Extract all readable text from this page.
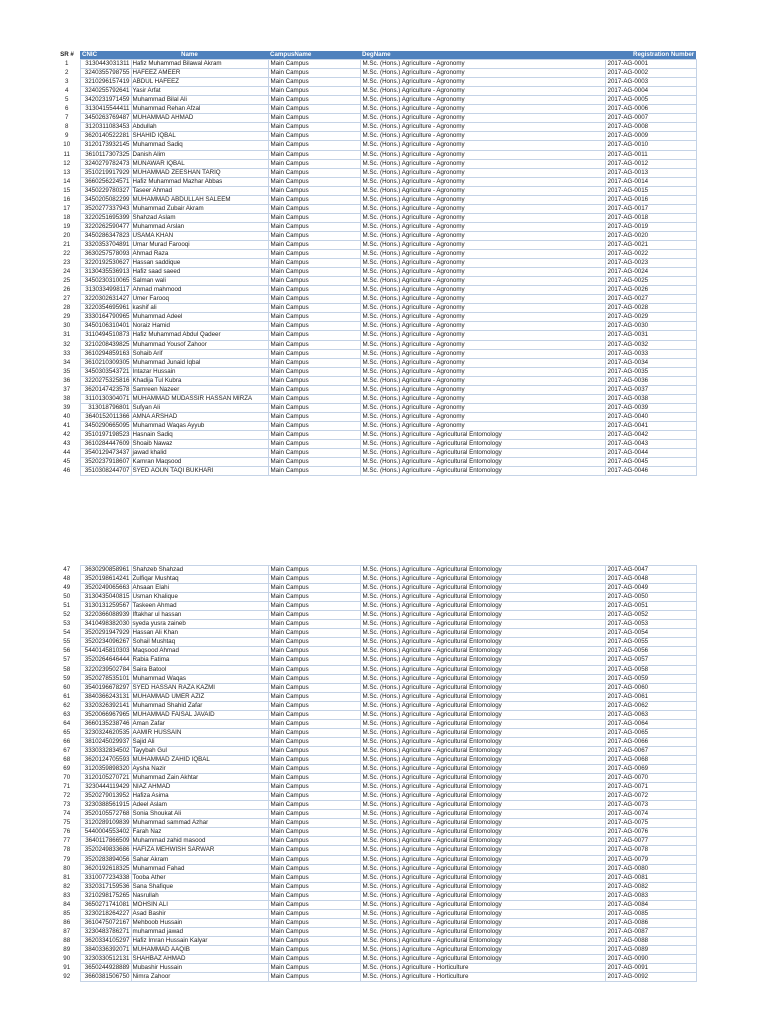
SR #	CNIC	Name	CampusName	DegName	Registration Number
1	3130443031311	Hafiz Muhammad Bilawal Akram	Main Campus	M.Sc. (Hons.) Agriculture - Agronomy	2017-AG-0001
2	3240355798755	HAFEEZ AMEER	Main Campus	M.Sc. (Hons.) Agriculture - Agronomy	2017-AG-0002
3	3210296157419	ABDUL HAFEEZ	Main Campus	M.Sc. (Hons.) Agriculture - Agronomy	2017-AG-0003
4	3240255792641	Yasir Arfat	Main Campus	M.Sc. (Hons.) Agriculture - Agronomy	2017-AG-0004
5	3420231971459	Muhammad Bilal Ali	Main Campus	M.Sc. (Hons.) Agriculture - Agronomy	2017-AG-0005
6	3130415544411	Muhammad Rehan Afzal	Main Campus	M.Sc. (Hons.) Agriculture - Agronomy	2017-AG-0006
7	3450263769487	MUHAMMAD AHMAD	Main Campus	M.Sc. (Hons.) Agriculture - Agronomy	2017-AG-0007
8	3120311083453	Abdullah	Main Campus	M.Sc. (Hons.) Agriculture - Agronomy	2017-AG-0008
9	3620140522281	SHAHID IQBAL	Main Campus	M.Sc. (Hons.) Agriculture - Agronomy	2017-AG-0009
10	3120173932145	Muhammad Sadiq	Main Campus	M.Sc. (Hons.) Agriculture - Agronomy	2017-AG-0010
11	3610117307325	Danish Alim	Main Campus	M.Sc. (Hons.) Agriculture - Agronomy	2017-AG-0011
12	3240279782473	MUNAWAR IQBAL	Main Campus	M.Sc. (Hons.) Agriculture - Agronomy	2017-AG-0012
13	3510219917929	MUHAMMAD ZEESHAN TARIQ	Main Campus	M.Sc. (Hons.) Agriculture - Agronomy	2017-AG-0013
14	3660256224571	Hafiz Muhammad Mazhar Abbas	Main Campus	M.Sc. (Hons.) Agriculture - Agronomy	2017-AG-0014
15	3450229780327	Taseer Ahmad	Main Campus	M.Sc. (Hons.) Agriculture - Agronomy	2017-AG-0015
16	3450205082299	MUHAMMAD ABDULLAH SALEEM	Main Campus	M.Sc. (Hons.) Agriculture - Agronomy	2017-AG-0016
17	3520277337943	Muhammad Zubair Akram	Main Campus	M.Sc. (Hons.) Agriculture - Agronomy	2017-AG-0017
18	3220251695399	Shahzad Aslam	Main Campus	M.Sc. (Hons.) Agriculture - Agronomy	2017-AG-0018
19	3220262590477	Muhammad Arslan	Main Campus	M.Sc. (Hons.) Agriculture - Agronomy	2017-AG-0019
20	3450286347823	USAMA KHAN	Main Campus	M.Sc. (Hons.) Agriculture - Agronomy	2017-AG-0020
21	3320353704891	Umar Murad Farooqi	Main Campus	M.Sc. (Hons.) Agriculture - Agronomy	2017-AG-0021
22	3630257578093	Ahmad Raza	Main Campus	M.Sc. (Hons.) Agriculture - Agronomy	2017-AG-0022
23	3220192530627	Hassan saddique	Main Campus	M.Sc. (Hons.) Agriculture - Agronomy	2017-AG-0023
24	3130435536913	Hafiz saad saeed	Main Campus	M.Sc. (Hons.) Agriculture - Agronomy	2017-AG-0024
25	3450230310065	Salman wali	Main Campus	M.Sc. (Hons.) Agriculture - Agronomy	2017-AG-0025
26	3130334998117	Ahmad mahmood	Main Campus	M.Sc. (Hons.) Agriculture - Agronomy	2017-AG-0026
27	3220302631427	Umer Farooq	Main Campus	M.Sc. (Hons.) Agriculture - Agronomy	2017-AG-0027
28	3220354695961	kashif ali	Main Campus	M.Sc. (Hons.) Agriculture - Agronomy	2017-AG-0028
29	3330164790965	Muhammad Adeel	Main Campus	M.Sc. (Hons.) Agriculture - Agronomy	2017-AG-0029
30	3450106310401	Noraiz Hamid	Main Campus	M.Sc. (Hons.) Agriculture - Agronomy	2017-AG-0030
31	3110494510873	Hafiz Muhammad Abdul Qadeer	Main Campus	M.Sc. (Hons.) Agriculture - Agronomy	2017-AG-0031
32	3210208439825	Muhammad Yousof Zahoor	Main Campus	M.Sc. (Hons.) Agriculture - Agronomy	2017-AG-0032
33	3610294859163	Sohaib Arif	Main Campus	M.Sc. (Hons.) Agriculture - Agronomy	2017-AG-0033
34	3610210309305	Muhammad Junaid Iqbal	Main Campus	M.Sc. (Hons.) Agriculture - Agronomy	2017-AG-0034
35	3450303543721	Intazar Hussain	Main Campus	M.Sc. (Hons.) Agriculture - Agronomy	2017-AG-0035
36	3220275325816	Khadija Tul Kubra	Main Campus	M.Sc. (Hons.) Agriculture - Agronomy	2017-AG-0036
37	3620147423578	Samreen Nazeer	Main Campus	M.Sc. (Hons.) Agriculture - Agronomy	2017-AG-0037
38	3110130304071	MUHAMMAD MUDASSIR HASSAN MIRZA	Main Campus	M.Sc. (Hons.) Agriculture - Agronomy	2017-AG-0038
39	313018796801	Sufyan Ali	Main Campus	M.Sc. (Hons.) Agriculture - Agronomy	2017-AG-0039
40	3640152011366	AMNA ARSHAD	Main Campus	M.Sc. (Hons.) Agriculture - Agronomy	2017-AG-0040
41	3450290665095	Muhammad Waqas Ayyub	Main Campus	M.Sc. (Hons.) Agriculture - Agronomy	2017-AG-0041
42	3510197198523	Hasnain Sadiq	Main Campus	M.Sc. (Hons.) Agriculture - Agricultural Entomology	2017-AG-0042
43	3610284447609	Shoaib Nawaz	Main Campus	M.Sc. (Hons.) Agriculture - Agricultural Entomology	2017-AG-0043
44	3540129473437	jawad khalid	Main Campus	M.Sc. (Hons.) Agriculture - Agricultural Entomology	2017-AG-0044
45	3520237918607	Kamran Maqsood	Main Campus	M.Sc. (Hons.) Agriculture - Agricultural Entomology	2017-AG-0045
46	3510308244707	SYED AOUN TAQI BUKHARI	Main Campus	M.Sc. (Hons.) Agriculture - Agricultural Entomology	2017-AG-0046
47	3630290858961	Shahzeb Shahzad	Main Campus	M.Sc. (Hons.) Agriculture - Agricultural Entomology	2017-AG-0047
48	3520198614241	Zulfiqar Mushtaq	Main Campus	M.Sc. (Hons.) Agriculture - Agricultural Entomology	2017-AG-0048
49	3520249065663	Ahsaan Elahi	Main Campus	M.Sc. (Hons.) Agriculture - Agricultural Entomology	2017-AG-0049
50	3130435040815	Usman Khalique	Main Campus	M.Sc. (Hons.) Agriculture - Agricultural Entomology	2017-AG-0050
51	3130131259567	Taskeen Ahmad	Main Campus	M.Sc. (Hons.) Agriculture - Agricultural Entomology	2017-AG-0051
52	3220366088939	Iftakhar ul hassan	Main Campus	M.Sc. (Hons.) Agriculture - Agricultural Entomology	2017-AG-0052
53	3410498382030	syeda yusra zaineb	Main Campus	M.Sc. (Hons.) Agriculture - Agricultural Entomology	2017-AG-0053
54	3520291947929	Hassan Ali Khan	Main Campus	M.Sc. (Hons.) Agriculture - Agricultural Entomology	2017-AG-0054
55	3520234096267	Sohail Mushtaq	Main Campus	M.Sc. (Hons.) Agriculture - Agricultural Entomology	2017-AG-0055
56	5440145810303	Maqsood Ahmad	Main Campus	M.Sc. (Hons.) Agriculture - Agricultural Entomology	2017-AG-0056
57	3520264646444	Rabia Fatima	Main Campus	M.Sc. (Hons.) Agriculture - Agricultural Entomology	2017-AG-0057
58	3220239502784	Saira Batool	Main Campus	M.Sc. (Hons.) Agriculture - Agricultural Entomology	2017-AG-0058
59	3520278535101	Muhammad Waqas	Main Campus	M.Sc. (Hons.) Agriculture - Agricultural Entomology	2017-AG-0059
60	3540196678297	SYED HASSAN RAZA KAZMI	Main Campus	M.Sc. (Hons.) Agriculture - Agricultural Entomology	2017-AG-0060
61	3840366243131	MUHAMMAD UMER AZIZ	Main Campus	M.Sc. (Hons.) Agriculture - Agricultural Entomology	2017-AG-0061
62	3320326392141	Muhammad Shahid Zafar	Main Campus	M.Sc. (Hons.) Agriculture - Agricultural Entomology	2017-AG-0062
63	3520066967965	MUHAMMAD FAISAL JAVAID	Main Campus	M.Sc. (Hons.) Agriculture - Agricultural Entomology	2017-AG-0063
64	3660135238746	Aman Zafar	Main Campus	M.Sc. (Hons.) Agriculture - Agricultural Entomology	2017-AG-0064
65	3230324620535	AAMIR HUSSAIN	Main Campus	M.Sc. (Hons.) Agriculture - Agricultural Entomology	2017-AG-0065
66	3810245029937	Sajid Ali	Main Campus	M.Sc. (Hons.) Agriculture - Agricultural Entomology	2017-AG-0066
67	3330332834502	Tayybah Gul	Main Campus	M.Sc. (Hons.) Agriculture - Agricultural Entomology	2017-AG-0067
68	3620124705593	MUHAMMAD ZAHID IQBAL	Main Campus	M.Sc. (Hons.) Agriculture - Agricultural Entomology	2017-AG-0068
69	3120359898320	Aysha Nazir	Main Campus	M.Sc. (Hons.) Agriculture - Agricultural Entomology	2017-AG-0069
70	3120105270721	Muhammad Zain Akhtar	Main Campus	M.Sc. (Hons.) Agriculture - Agricultural Entomology	2017-AG-0070
71	3230444119429	NIAZ AHMAD	Main Campus	M.Sc. (Hons.) Agriculture - Agricultural Entomology	2017-AG-0071
72	3520279013952	Hafiza Asima	Main Campus	M.Sc. (Hons.) Agriculture - Agricultural Entomology	2017-AG-0072
73	3230388561915	Adeel Aslam	Main Campus	M.Sc. (Hons.) Agriculture - Agricultural Entomology	2017-AG-0073
74	3520105572768	Sonia Shoukat Ali	Main Campus	M.Sc. (Hons.) Agriculture - Agricultural Entomology	2017-AG-0074
75	3120289109839	Muhammad sammad Azhar	Main Campus	M.Sc. (Hons.) Agriculture - Agricultural Entomology	2017-AG-0075
76	5440004553402	Farah Naz	Main Campus	M.Sc. (Hons.) Agriculture - Agricultural Entomology	2017-AG-0076
77	3640117866509	Muhammad zahid masood	Main Campus	M.Sc. (Hons.) Agriculture - Agricultural Entomology	2017-AG-0077
78	3520249833686	HAFIZA MEHWISH SARWAR	Main Campus	M.Sc. (Hons.) Agriculture - Agricultural Entomology	2017-AG-0078
79	3520283894056	Sahar Akram	Main Campus	M.Sc. (Hons.) Agriculture - Agricultural Entomology	2017-AG-0079
80	3620192618325	Muhammad Fahad	Main Campus	M.Sc. (Hons.) Agriculture - Agricultural Entomology	2017-AG-0080
81	3310077234338	Tooba Ather	Main Campus	M.Sc. (Hons.) Agriculture - Agricultural Entomology	2017-AG-0081
82	3320317159536	Sana Shafique	Main Campus	M.Sc. (Hons.) Agriculture - Agricultural Entomology	2017-AG-0082
83	3210298175265	Nasrullah	Main Campus	M.Sc. (Hons.) Agriculture - Agricultural Entomology	2017-AG-0083
84	3650271741081	MOHSIN ALI	Main Campus	M.Sc. (Hons.) Agriculture - Agricultural Entomology	2017-AG-0084
85	3230218264227	Asad Bashir	Main Campus	M.Sc. (Hons.) Agriculture - Agricultural Entomology	2017-AG-0085
86	3610475072167	Mehboob Hussain	Main Campus	M.Sc. (Hons.) Agriculture - Agricultural Entomology	2017-AG-0086
87	3230483786271	muhammad jawad	Main Campus	M.Sc. (Hons.) Agriculture - Agricultural Entomology	2017-AG-0087
88	3620334105297	Hafiz Imran Hussain Kalyar	Main Campus	M.Sc. (Hons.) Agriculture - Agricultural Entomology	2017-AG-0088
89	3840336392071	MUHAMMAD AAQIB	Main Campus	M.Sc. (Hons.) Agriculture - Agricultural Entomology	2017-AG-0089
90	3230330512131	SHAHBAZ AHMAD	Main Campus	M.Sc. (Hons.) Agriculture - Agricultural Entomology	2017-AG-0090
91	3650244928889	Mubashir Hussain	Main Campus	M.Sc. (Hons.) Agriculture - Horticulture	2017-AG-0091
92	3660381506750	Nimra Zahoor	Main Campus	M.Sc. (Hons.) Agriculture - Horticulture	2017-AG-0092
